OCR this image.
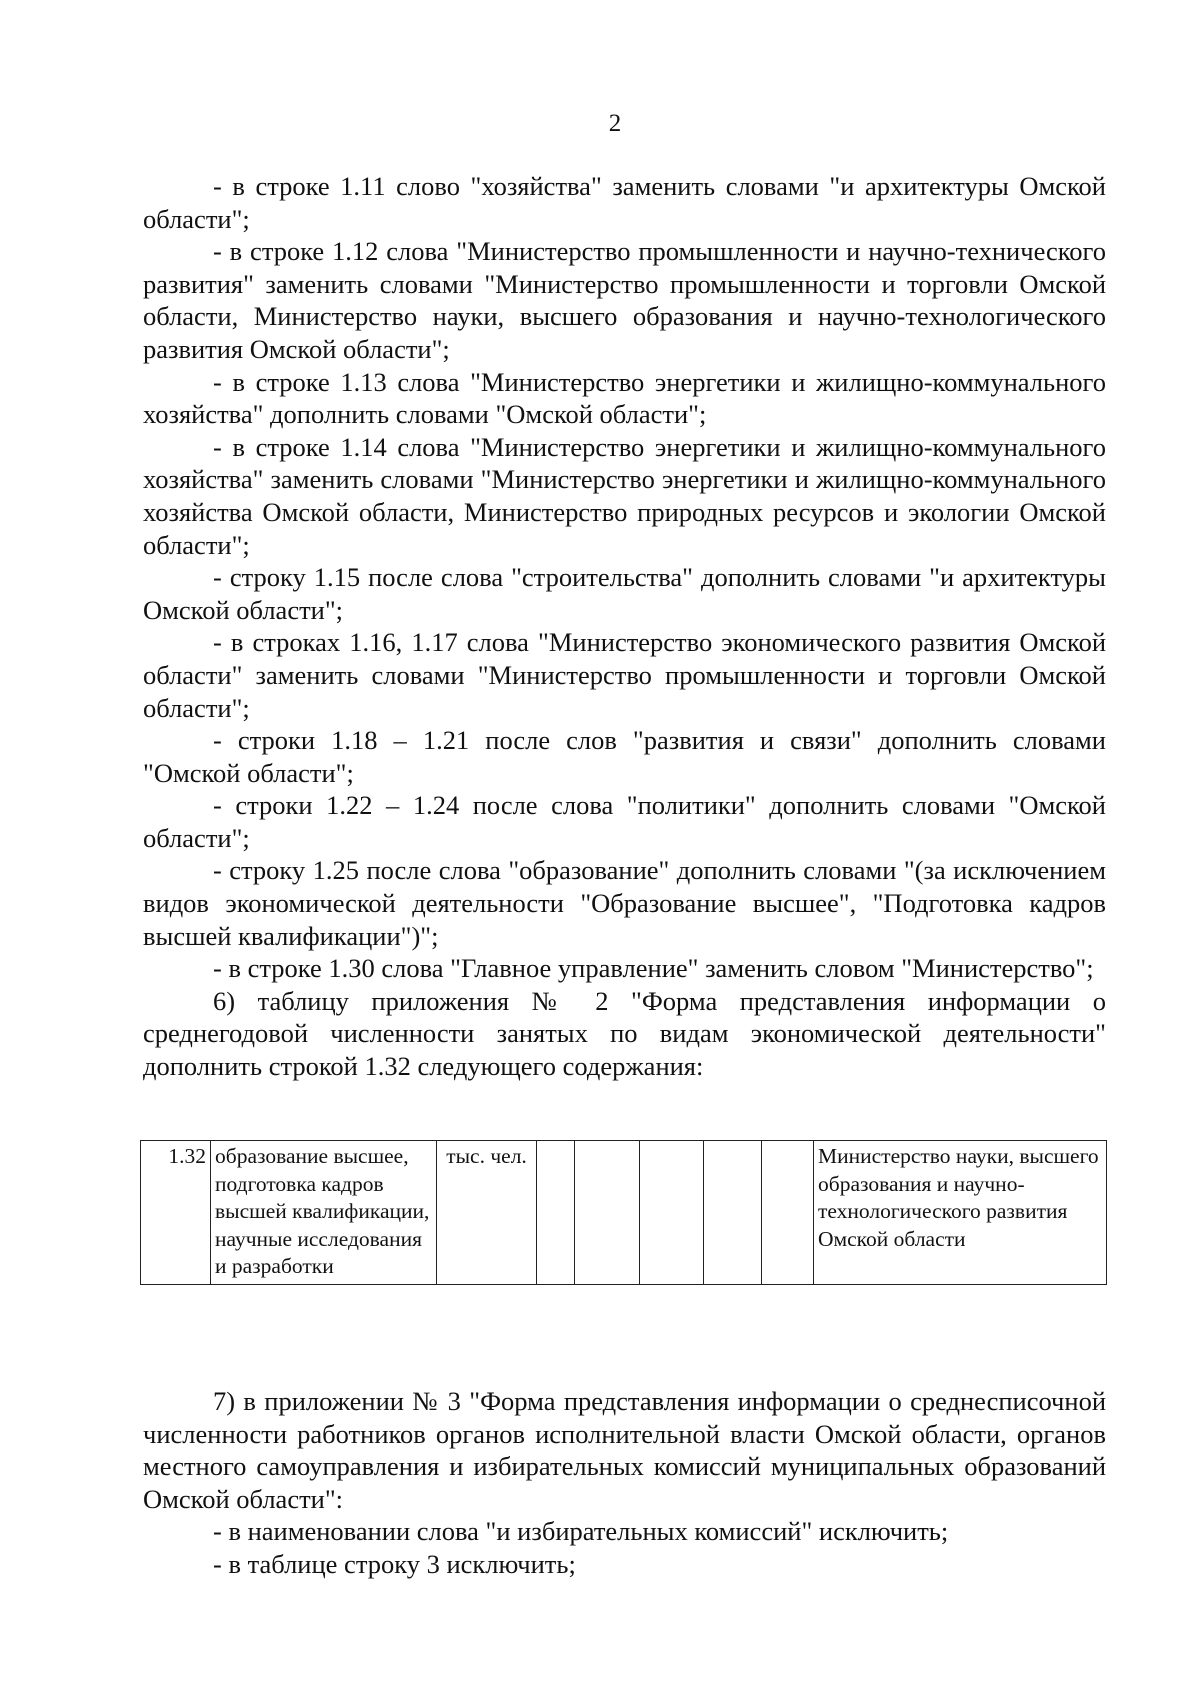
2

- в строке 1.11 слово "хозяйства" заменить словами "и архитектуры Омской области";

- в строке 1.12 слова "Министерство промышленности и научно-технического развития" заменить словами "Министерство промышленности и торговли Омской области, Министерство науки, высшего образования и научно-технологического развития Омской области";

- в строке 1.13 слова "Министерство энергетики и жилищно-коммунального хозяйства" дополнить словами "Омской области";

- в строке 1.14 слова "Министерство энергетики и жилищно-коммунального хозяйства" заменить словами "Министерство энергетики и жилищно-коммунального хозяйства Омской области, Министерство природных ресурсов и экологии Омской области";

- строку 1.15 после слова "строительства" дополнить словами "и архитектуры Омской области";

- в строках 1.16, 1.17 слова "Министерство экономического развития Омской области" заменить словами "Министерство промышленности и торговли Омской области";

- строки 1.18 – 1.21 после слов "развития и связи" дополнить словами "Омской области";

- строки 1.22 – 1.24 после слова "политики" дополнить словами "Омской области";

- строку 1.25 после слова "образование" дополнить словами "(за исключением видов экономической деятельности "Образование высшее", "Подготовка кадров высшей квалификации")";

- в строке 1.30 слова "Главное управление" заменить словом "Министерство";

6) таблицу приложения № 2 "Форма представления информации о среднегодовой численности занятых по видам экономической деятельности" дополнить строкой 1.32 следующего содержания:

1.32	образование высшее, подготовка кадров высшей квалификации, научные исследования и разработки	тыс. чел.						Министерство науки, высшего образования и научно-технологического развития Омской области

7) в приложении № 3 "Форма представления информации о среднесписочной численности работников органов исполнительной власти Омской области, органов местного самоуправления и избирательных комиссий муниципальных образований Омской области":

- в наименовании слова "и избирательных комиссий" исключить;

- в таблице строку 3 исключить;
